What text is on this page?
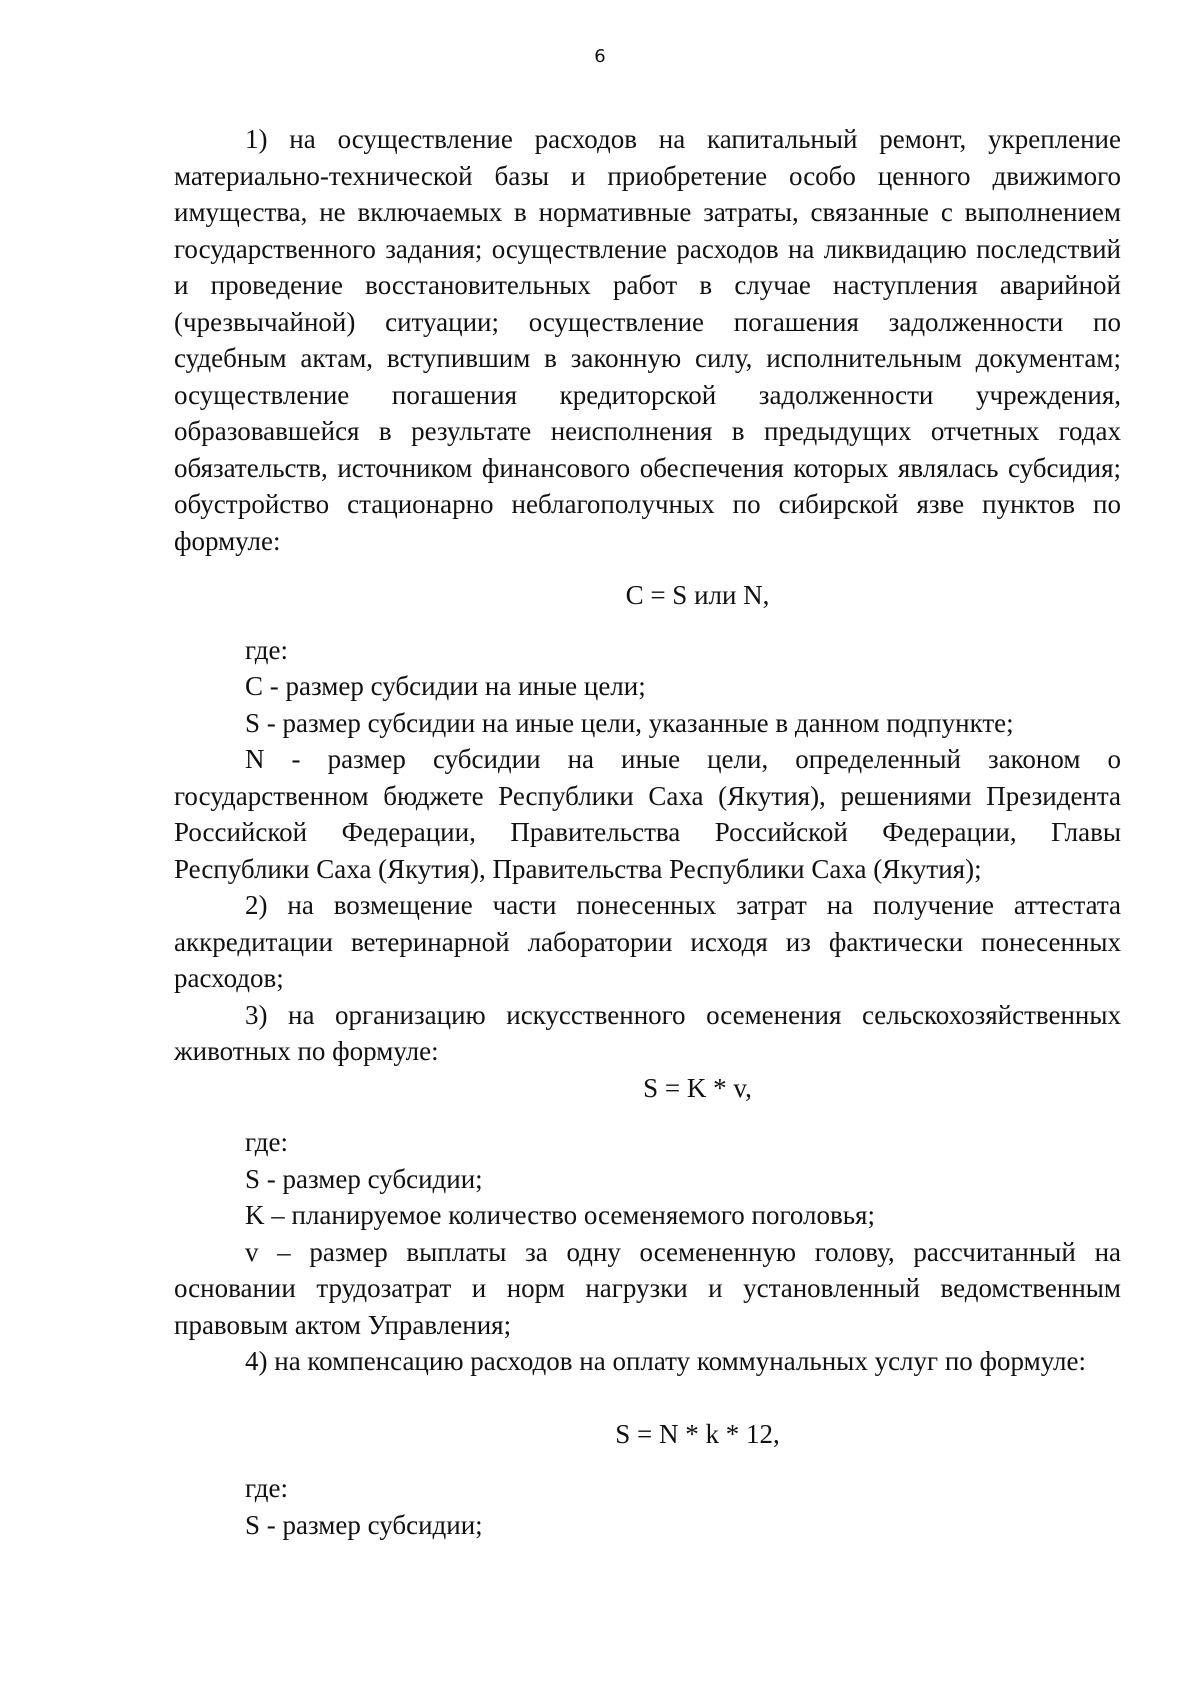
6

1) на осуществление расходов на капитальный ремонт, укрепление материально-технической базы и приобретение особо ценного движимого имущества, не включаемых в нормативные затраты, связанные с выполнением государственного задания; осуществление расходов на ликвидацию последствий и проведение восстановительных работ в случае наступления аварийной (чрезвычайной) ситуации; осуществление погашения задолженности по судебным актам, вступившим в законную силу, исполнительным документам; осуществление погашения кредиторской задолженности учреждения, образовавшейся в результате неисполнения в предыдущих отчетных годах обязательств, источником финансового обеспечения которых являлась субсидия; обустройство стационарно неблагополучных по сибирской язве пунктов по формуле:

C = S или N,

где:

C - размер субсидии на иные цели;

S - размер субсидии на иные цели, указанные в данном подпункте;

N - размер субсидии на иные цели, определенный законом о государственном бюджете Республики Саха (Якутия), решениями Президента Российской Федерации, Правительства Российской Федерации, Главы Республики Саха (Якутия), Правительства Республики Саха (Якутия);

2) на возмещение части понесенных затрат на получение аттестата аккредитации ветеринарной лаборатории исходя из фактически понесенных расходов;

3) на организацию искусственного осеменения сельскохозяйственных животных по формуле:

S = K * v,

где:

S - размер субсидии;

K – планируемое количество осеменяемого поголовья;

v – размер выплаты за одну осемененную голову, рассчитанный на основании трудозатрат и норм нагрузки и установленный ведомственным правовым актом Управления;

4) на компенсацию расходов на оплату коммунальных услуг по формуле:

S = N * k * 12,

где:

S - размер субсидии;
